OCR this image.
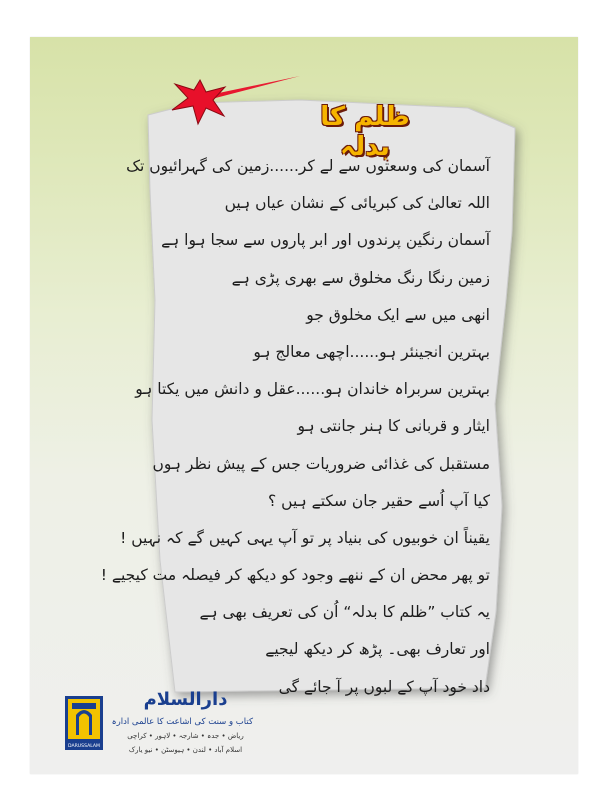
ظلم کا بدلہ
آسمان کی وسعتوں سے لے کر......زمین کی گہرائیوں تک
اللہ تعالیٰ کی کبریائی کے نشان عیاں ہیں
آسمان رنگین پرندوں اور ابر پاروں سے سجا ہوا ہے
زمین رنگا رنگ مخلوق سے بھری پڑی ہے
انھی میں سے ایک مخلوق جو
بہترین انجینئر ہو......اچھی معالج ہو
بہترین سربراہ خاندان ہو......عقل و دانش میں یکتا ہو
ایثار و قربانی کا ہنر جانتی ہو
مستقبل کی غذائی ضروریات جس کے پیش نظر ہوں
کیا آپ اُسے حقیر جان سکتے ہیں ؟
یقیناً ان خوبیوں کی بنیاد پر تو آپ یہی کہیں گے کہ نہیں !
تو پھر محض ان کے ننھے وجود کو دیکھ کر فیصلہ مت کیجیے !
یہ کتاب ”ظلم کا بدلہ“ اُن کی تعریف بھی ہے
اور تعارف بھی۔ پڑھ کر دیکھ لیجیے
داد خود آپ کے لبوں پر آ جائے گی
DARUSSALAM
دارالسلام
کتاب و سنت کی اشاعت کا عالمی ادارہ
ریاض • جدہ • شارجہ • لاہور • کراچی
اسلام آباد • لندن • ہیوسٹن • نیو یارک
